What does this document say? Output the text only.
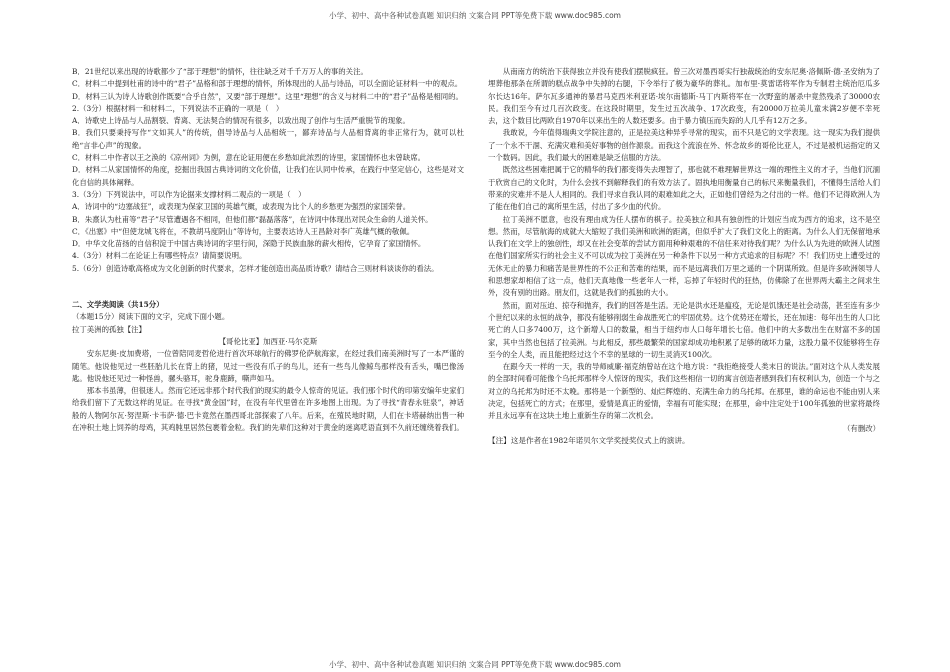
小学、初中、高中各种试卷真题 知识归纳 文案合同 PPT等免费下载 www.doc985.com

B．21世纪以来出现的诗歌都少了“部于理想”的情怀，往往缺乏对千千万万人的事的关注。

C．材料二中提到杜甫的诗中的“君子”品格和部于理想的情怀，所体现出的人品与诗品，可以全面论证材料一中的观点。

D．材料三认为诗人诗歌创作既要“合乎自然”，又要“部于理想”。这里“理想”的含义与材料二中的“君子”品格是相同的。

2.（3分）根据材料一和材料二，下列说法不正确的一项是（　）

A．诗歌史上诗品与人品割裂、背离、无法契合的情况有很多，以致出现了创作与生活严重脱节的现象。

B．我们只要秉持写作“文如其人”的传统，倡导诗品与人品相统一，鄙弃诗品与人品相背离的非正常行为，就可以杜绝“言非心声”的现象。

C．材料二中作者以王之涣的《凉州词》为例，意在论证用便在乡愁如此浓烈的诗里，家国情怀也未曾缺席。

D．材料二从家国情怀的角度，挖掘出我国古典诗词的文化价值，让我们在认同中传承，在践行中坚定信心，这些是对文化自信的具体阐释。

3.（3分）下列说法中，可以作为论据来支撑材料二观点的一项是（　）

A．诗词中的“边塞战狂”，或表现为保家卫国的英雄气概，或表现为比个人的乡愁更为强烈的家国荣誉。

B．朱熹认为杜甫等“君子”尽管遭遇各不相同，但他们都“磊磊落落”，在诗词中体现出对民众生命的人道关怀。

C．《出塞》中“但使龙城飞将在，不教胡马度阴山”等诗句，主要表达诗人王昌龄对李广英雄气概的敬佩。

D．中华文化苗扬的自信积淀于中国古典诗词的字里行间，深隐于民族血脉的薪火相传，它孕育了家国情怀。

4.（3分）材料二在论证上有哪些特点？请简要说明。

5.（6分）创造诗歌高格成为文化创新的时代要求，怎样才能创造出高品质诗歌？请结合三则材料谈谈你的看法。

二、文学类阅读（共15分）

（本题15分）阅读下面的文字，完成下面小题。

拉丁美洲的孤独【注】

【哥伦比亚】加西亚·马尔克斯

安东尼奥·皮加费塔，一位曾陪同麦哲伦进行首次环球航行的佛罗伦萨航海家，在经过我们南美洲时写了一本严谨的随笔。他说他见过一些胚胎儿长在背上的猪，见过一些没有爪子的鸟儿，还有一些鸟儿像鲸鸟那样没有舌头，嘴巴像汤匙。他说他还见过一种怪兽，骡头骆耳，驼身鹿蹄，嘶声如马。

那本书虽薄，但很迷人。然而它还远非那个时代我们的现实的最令人惊奇的见证。我们那个时代的印第安编年史家们给我们留下了无数这样的见证。在寻找“黄金国”时，在没有年代里曾在许多地图上出现。为了寻找“青春永驻泉”，神话般的人物阿尔瓦·努涅斯·卡韦萨·德·巴卡竟然在墨西哥北部探索了八年。后来，在殖民地时期，人们在卡塔赫纳出售一种在冲积土地上饲养的母鸡，其鸡肫里居然包裹着金粒。我们的先辈们这种对于黄金的迷离呓语直到不久前还缠绕着我们。

从南南方的统治下获得独立并没有使我们摆脱疯狂。曾三次对墨西哥实行独裁统治的安东尼奥·洛佩斯·德·圣安纳为了埋葬他那条在所谓的糕点战争中失掉的右腿，下令举行了极为豪华的葬礼。加布里·莫雷诺将军作为专制君主统治厄瓜多尔长达16年。萨尔瓦多通神的暴君马克西米利亚诺·埃尔南德斯·马丁内斯将军在一次野蛮的屠杀中竟然残杀了30000农民。我们至今有过几百次政变。在这段时期里，发生过五次战争、17次政变，有20000万拉美儿童未满2岁便不幸死去，这个数目比两欧自1970年以来出生的人数还要多。由于暴力镇压而失踪的人几乎有12万之多。

我敢说，今年值得瑞典文学院注意的，正是拉美这种异乎寻常的现实，而不只是它的文学表现。这一现实为我们提供了一个永不干涸、充满灾难和美好事物的创作源泉。而我这个流浪在外、怀念故乡的哥伦比亚人，不过是被机运指定的又一个数码。因此，我们最大的困难是缺乏信服的方法。

既然这些困难把属于它的精华的我们都变得失去理智了，那也就不难理解世界这一端的理性主义的才子，当他们沉湎于欣赏自己的文化时，为什么会找不到解释我们的有效方法了。固执地用衡量自己的标尺来衡量我们，不懂得生活给人们带来的灾难并不是人人相同的。我们寻求自我认同的艰难如此之大，正如他们曾经为之付出的一样。他们不记得欧洲人为了能在他们自己的寓所里生活，付出了多少血的代价。

拉丁美洲不愿意，也没有理由成为任人摆布的棋子。拉美独立和具有独创性的计划应当成为西方的追求，这不是空想。然而，尽管航海的成就大大缩短了我们美洲和欧洲的距离，但似乎扩大了我们文化上的距离。为什么人们无保留地承认我们在文学上的独创性，却又在社会变革的尝试方面用种种艰难的不信任来对待我们呢？为什么认为先进的欧洲人试图在他们国家所实行的社会主义不可以成为拉丁美洲在另一种条件下以另一种方式追求的目标呢？不！我们历史上遭受过的无休无止的暴力和痛苦是世界性的不公正和苦难的结果，而不是远离我们万里之遥的一个阴谋所致。但是许多欧洲领导人和思想家却相信了这一点，他们天真地像一些老年人一样，忘掉了年轻时代的狂热，仿佛除了在世界两大霸主之间求生外，没有别的出路。朋友们，这就是我们的孤独的大小。

然而，面对压迫、掠夺和抛弃，我们的回答是生活。无论是洪水还是瘟疫，无论是饥饿还是社会动荡，甚至连有多少个世纪以来的永恒的战争，都没有能够削弱生命战胜死亡的牢固优势。这个优势还在增长，还在加速：每年出生的人口比死亡的人口多7400万，这个新增人口的数量，相当于纽约市人口每年增长七倍。他们中的大多数出生在财富不多的国家，其中当然也包括了拉美洲。与此相反，那些最繁荣的国家却成功地积累了足够的破坏力量，这股力量不仅能够将生存至今的全人类，而且能把经过这个不幸的星球的一切生灵消灭100次。

在跟今天一样的一天，我的导师威廉·福克纳曾站在这个地方说：“我拒绝接受人类末日的说法。”面对这个从人类发展的全部时间看可能像个乌托邦那样令人惊讶的现实，我们这些相信一切的寓言创造者感到我们有权利认为，创造一个与之对立的乌托邦为时还不太晚。那将是一个新型的、灿烂辉煌的、充满生命力的乌托邦。在那里，谁的命运也不能由别人来决定，包括死亡的方式；在那里，爱情是真正的爱情，幸福有可能实现；在那里，命中注定处于100年孤独的世家将最终并且永远享有在这块土地上重新生存的第二次机会。

（有删改）

【注】这是作者在1982年诺贝尔文学奖授奖仪式上的演讲。

小学、初中、高中各种试卷真题 知识归纳 文案合同 PPT等免费下载 www.doc985.com
